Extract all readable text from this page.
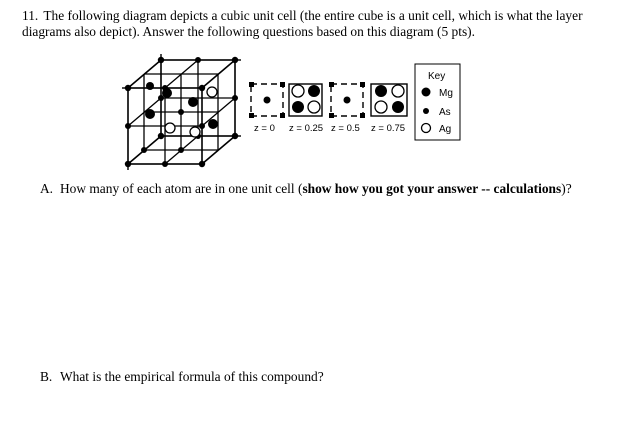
11. The following diagram depicts a cubic unit cell (the entire cube is a unit cell, which is what the layer
diagrams also depict). Answer the following questions based on this diagram (5 pts).
z = 0 z = 0.25 z = 0.5 z = 0.75
Key
Mg
As
Ag
A. How many of each atom are in one unit cell (show how you got your answer -- calculations)?
B. What is the empirical formula of this compound?
